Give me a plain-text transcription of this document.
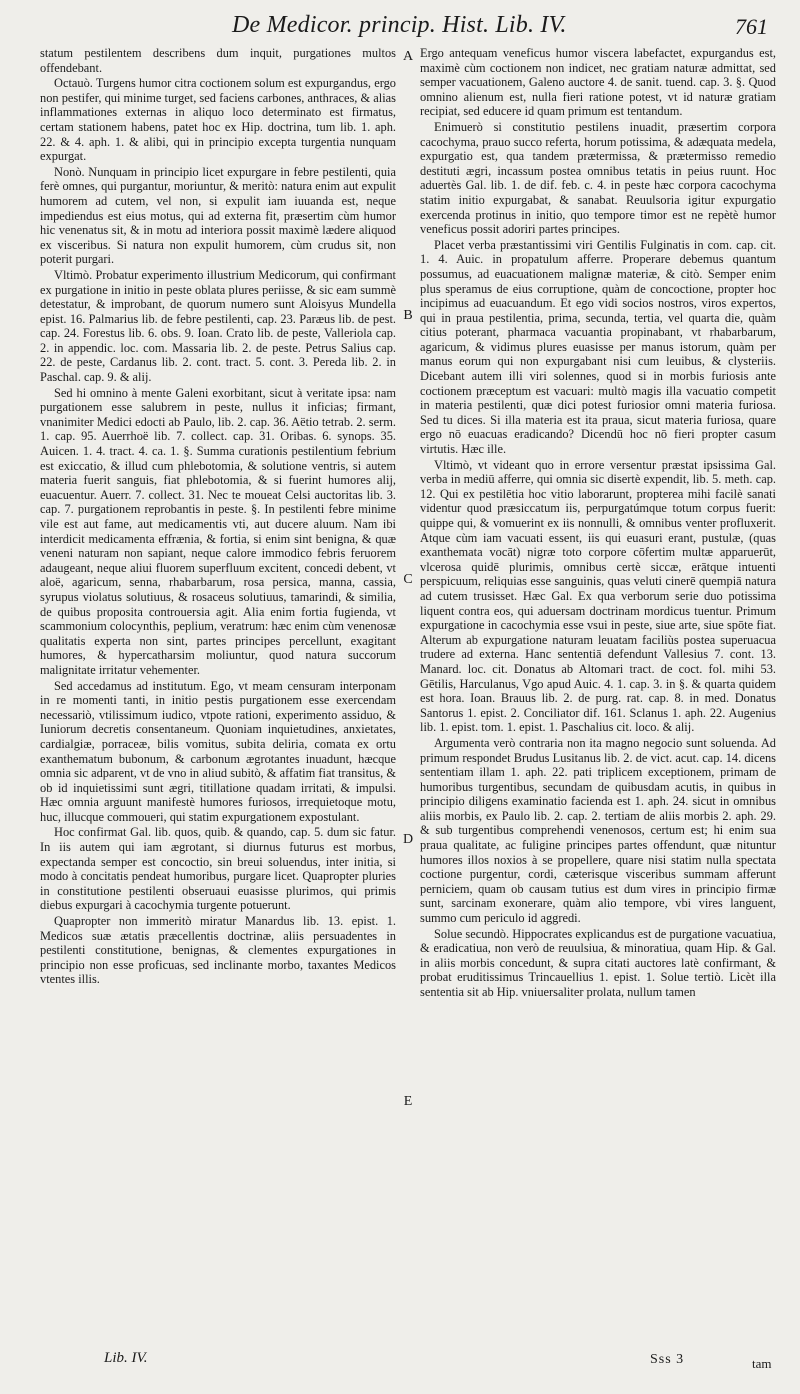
De Medicor. princip. Hist. Lib. IV.	761

statum pestilentem describens dum inquit, purgationes multos offendebant.

Octauò. Turgens humor citra coctionem solum est expurgandus, ergo non pestifer, qui minime turget, sed faciens carbones, anthraces, & alias inflammationes externas in aliquo loco determinato est firmatus, certam stationem habens, patet hoc ex Hip. doctrina, tum lib. 1. aph. 22. & 4. aph. 1. & alibi, qui in principio excepta turgentia nunquam expurgat.

Nonò. Nunquam in principio licet expurgare in febre pestilenti, quia ferè omnes, qui purgantur, moriuntur, & meritò: natura enim aut expulit humorem ad cutem, vel non, si expulit iam iuuanda est, neque impediendus est eius motus, qui ad externa fit, præsertim cùm humor hic venenatus sit, & in motu ad interiora possit maximè lædere aliquod ex visceribus. Si natura non expulit humorem, cùm crudus sit, non poterit purgari.

Vltimò. Probatur experimento illustrium Medicorum, qui confirmant ex purgatione in initio in peste oblata plures periisse, & sic eam summè detestatur, & improbant, de quorum numero sunt Aloisyus Mundella epist. 16. Palmarius lib. de febre pestilenti, cap. 23. Paræus lib. de pest. cap. 24. Forestus lib. 6. obs. 9. Ioan. Crato lib. de peste, Valleriola cap. 2. in appendic. loc. com. Massaria lib. 2. de peste. Petrus Salius cap. 22. de peste, Cardanus lib. 2. cont. tract. 5. cont. 3. Pereda lib. 2. in Paschal. cap. 9. & alij.

Sed hi omnino à mente Galeni exorbitant, sicut à veritate ipsa: nam purgationem esse salubrem in peste, nullus it inficias; firmant, vnanimiter Medici edocti ab Paulo, lib. 2. cap. 36. Aëtio tetrab. 2. serm. 1. cap. 95. Auerrhoë lib. 7. collect. cap. 31. Oribas. 6. synops. 35. Auicen. 1. 4. tract. 4. ca. 1. §. Summa curationis pestilentium febrium est exiccatio, & illud cum phlebotomia, & solutione ventris, si autem materia fuerit sanguis, fiat phlebotomia, & si fuerint humores alij, euacuentur. Auerr. 7. collect. 31. Nec te moueat Celsi auctoritas lib. 3. cap. 7. purgationem reprobantis in peste. §. In pestilenti febre minime vile est aut fame, aut medicamentis vti, aut ducere aluum. Nam ibi interdicit medicamenta effrænia, & fortia, si enim sint benigna, & quæ veneni naturam non sapiant, neque calore immodico febris feruorem adaugeant, neque aliui fluorem superfluum excitent, concedi debent, vt aloë, agaricum, senna, rhabarbarum, rosa persica, manna, cassia, syrupus violatus solutiuus, & rosaceus solutiuus, tamarindi, & similia, de quibus proposita controuersia agit. Alia enim fortia fugienda, vt scammonium colocynthis, peplium, veratrum: hæc enim cùm venenosæ qualitatis experta non sint, partes principes percellunt, exagitant humores, & hypercatharsim moliuntur, quod natura succorum malignitate irritatur vehementer.

Sed accedamus ad institutum. Ego, vt meam censuram interponam in re momenti tanti, in initio pestis purgationem esse exercendam necessariò, vtilissimum iudico, vtpote rationi, experimento assiduo, & Iuniorum decretis consentaneum. Quoniam inquietudines, anxietates, cardialgiæ, porraceæ, bilis vomitus, subita deliria, comata ex ortu exanthematum bubonum, & carbonum ægrotantes inuadunt, hæcque omnia sic adparent, vt de vno in aliud subitò, & affatim fiat transitus, & ob id inquietissimi sunt ægri, titillatione quadam irritati, & impulsi. Hæc omnia arguunt manifestè humores furiosos, irrequietoque motu, huc, illucque commoueri, qui statim expurgationem expostulant.

Hoc confirmat Gal. lib. quos, quib. & quando, cap. 5. dum sic fatur. In iis autem qui iam ægrotant, si diurnus futurus est morbus, expectanda semper est concoctio, sin breui soluendus, inter initia, si modo à concitatis pendeat humoribus, purgare licet. Quapropter pluries in constitutione pestilenti obseruaui euasisse plurimos, qui primis diebus expurgari à cacochymia turgente potuerunt.

Quapropter non immeritò miratur Manardus lib. 13. epist. 1. Medicos suæ ætatis præcellentis doctrinæ, aliis persuadentes in pestilenti constitutione, benignas, & clementes expurgationes in principio non esse proficuas, sed inclinante morbo, taxantes Medicos vtentes illis.

A
B
C
D
E

Ergo antequam veneficus humor viscera labefactet, expurgandus est, maximè cùm coctionem non indicet, nec gratiam naturæ admittat, sed semper vacuationem, Galeno auctore 4. de sanit. tuend. cap. 3. §. Quod omnino alienum est, nulla fieri ratione potest, vt id naturæ gratiam recipiat, sed educere id quam primum est tentandum.

Enimuerò si constitutio pestilens inuadit, præsertim corpora cacochyma, prauo succo referta, horum potissima, & adæquata medela, expurgatio est, qua tandem prætermissa, & prætermisso remedio destituti ægri, incassum postea omnibus tetatis in peius ruunt. Hoc aduertès Gal. lib. 1. de dif. feb. c. 4. in peste hæc corpora cacochyma statim initio expurgabat, & sanabat. Reuulsoria igitur expurgatio exercenda protinus in initio, quo tempore timor est ne repètè humor veneficus possit adoriri partes principes.

Placet verba præstantissimi viri Gentilis Fulginatis in com. cap. cit. 1. 4. Auic. in propatulum afferre. Properare debemus quantum possumus, ad euacuationem malignæ materiæ, & citò. Semper enim plus speramus de eius corruptione, quàm de concoctione, propter hoc incipimus ad euacuandum. Et ego vidi socios nostros, viros expertos, qui in praua pestilentia, prima, secunda, tertia, vel quarta die, quàm citius poterant, pharmaca vacuantia propinabant, vt rhabarbarum, agaricum, & vidimus plures euasisse per manus istorum, quàm per manus eorum qui non expurgabant nisi cum leuibus, & clysteriis. Dicebant autem illi viri solennes, quod si in morbis furiosis ante coctionem præceptum est vacuari: multò magis illa vacuatio competit in materia pestilenti, quæ dici potest furiosior omni materia furiosa. Sed tu dices. Si illa materia est ita praua, sicut materia furiosa, quare ergo nō euacuas eradicando? Dicendū hoc nō fieri propter casum virtutis. Hæc ille.

Vltimò, vt videant quo in errore versentur præstat ipsissima Gal. verba in mediū afferre, qui omnia sic disertè expendit, lib. 5. meth. cap. 12. Qui ex pestilētia hoc vitio laborarunt, propterea mihi facilè sanati videntur quod præsiccatum iis, perpurgatúmque totum corpus fuerit: quippe qui, & vomuerint ex iis nonnulli, & omnibus venter profluxerit. Atque cùm iam vacuati essent, iis qui euasuri erant, pustulæ, (quas exanthemata vocāt) nigræ toto corpore cōfertim multæ apparuerūt, vlcerosa quidē plurimis, omnibus certè siccæ, erātque intuenti perspicuum, reliquias esse sanguinis, quas veluti cinerē quempiā natura ad cutem trusisset. Hæc Gal. Ex qua verborum serie duo potissima liquent contra eos, qui aduersam doctrinam mordicus tuentur. Primum expurgatione in cacochymia esse vsui in peste, siue arte, siue spōte fiat. Alterum ab expurgatione naturam leuatam faciliùs postea superuacua trudere ad externa. Hanc sententiā defendunt Vallesius 7. cont. 13. Manard. loc. cit. Donatus ab Altomari tract. de coct. fol. mihi 53. Gētilis, Harculanus, Vgo apud Auic. 4. 1. cap. 3. in §. & quarta quidem est hora. Ioan. Brauus lib. 2. de purg. rat. cap. 8. in med. Donatus Santorus 1. epist. 2. Conciliator dif. 161. Sclanus 1. aph. 22. Augenius lib. 1. epist. tom. 1. epist. 1. Paschalius cit. loco. & alij.

Argumenta verò contraria non ita magno negocio sunt soluenda. Ad primum respondet Brudus Lusitanus lib. 2. de vict. acut. cap. 14. dicens sententiam illam 1. aph. 22. pati triplicem exceptionem, primam de humoribus turgentibus, secundam de quibusdam acutis, in quibus in principio diligens examinatio facienda est 1. aph. 24. sicut in omnibus aliis morbis, ex Paulo lib. 2. cap. 2. tertiam de aliis morbis 2. aph. 29. & sub turgentibus comprehendi venenosos, certum est; hi enim sua praua qualitate, ac fuligine principes partes offendunt, quæ nituntur humores illos noxios à se propellere, quare nisi statim nulla spectata coctione purgentur, cordi, cæterisque visceribus summam afferunt perniciem, quam ob causam tutius est dum vires in principio firmæ sunt, sarcinam exonerare, quàm alio tempore, vbi vires languent, summo cum periculo id aggredi.

Solue secundò. Hippocrates explicandus est de purgatione vacuatiua, & eradicatiua, non verò de reuulsiua, & minoratiua, quam Hip. & Gal. in aliis morbis concedunt, & supra citati auctores latè confirmant, & probat eruditissimus Trincauellius 1. epist. 1. Solue tertiò. Licèt illa sententia sit ab Hip. vniuersaliter prolata, nullum tamen

Lib. IV.	Sss 3	tam
